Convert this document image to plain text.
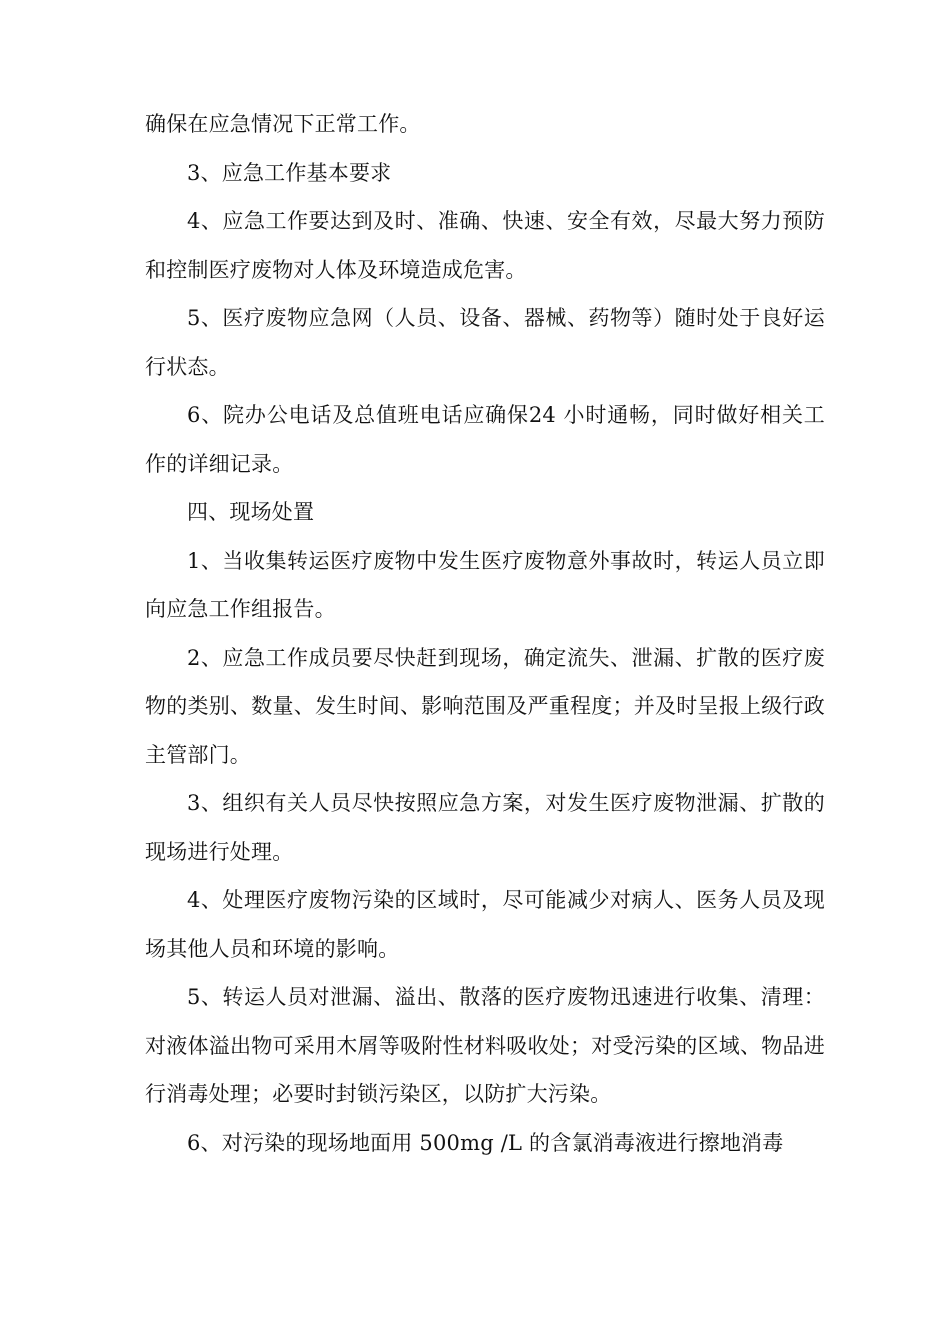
确保在应急情况下正常工作。

3、应急工作基本要求

4、应急工作要达到及时、准确、快速、安全有效，尽最大努力预防和控制医疗废物对人体及环境造成危害。

5、医疗废物应急网（人员、设备、器械、药物等）随时处于良好运行状态。

6、院办公电话及总值班电话应确保24 小时通畅，同时做好相关工作的详细记录。

四、现场处置

1、当收集转运医疗废物中发生医疗废物意外事故时，转运人员立即向应急工作组报告。

2、应急工作成员要尽快赶到现场，确定流失、泄漏、扩散的医疗废物的类别、数量、发生时间、影响范围及严重程度；并及时呈报上级行政主管部门。

3、组织有关人员尽快按照应急方案，对发生医疗废物泄漏、扩散的现场进行处理。

4、处理医疗废物污染的区域时，尽可能减少对病人、医务人员及现场其他人员和环境的影响。

5、转运人员对泄漏、溢出、散落的医疗废物迅速进行收集、清理：对液体溢出物可采用木屑等吸附性材料吸收处；对受污染的区域、物品进行消毒处理；必要时封锁污染区，以防扩大污染。

6、对污染的现场地面用 500mg /L 的含氯消毒液进行擦地消毒
